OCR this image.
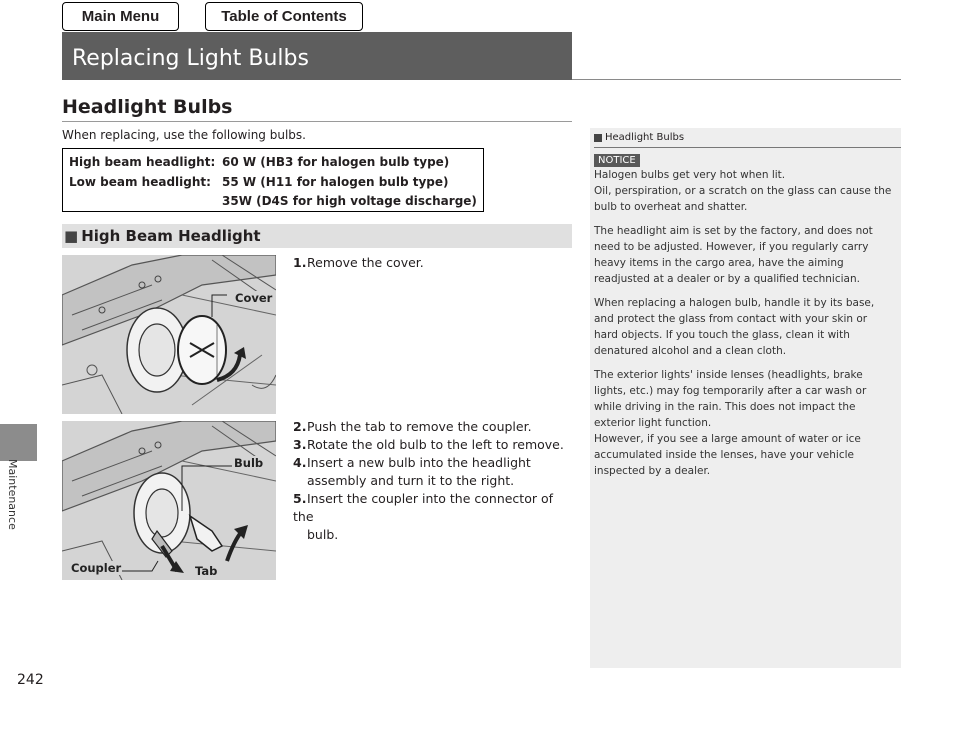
Main Menu	Table of Contents
Replacing Light Bulbs
Maintenance
242
Headlight Bulbs
When replacing, use the following bulbs.
High beam headlight: 60 W (HB3 for halogen bulb type)
Low beam headlight: 55 W (H11 for halogen bulb type)
35W (D4S for high voltage discharge)
■ High Beam Headlight
Cover
Bulb
Coupler	Tab
1.Remove the cover.
2.Push the tab to remove the coupler.
3.Rotate the old bulb to the left to remove.
4.Insert a new bulb into the headlight
assembly and turn it to the right.
5.Insert the coupler into the connector of the
bulb.
Headlight Bulbs
NOTICE
Halogen bulbs get very hot when lit.
Oil, perspiration, or a scratch on the glass can cause the bulb to overheat and shatter.
The headlight aim is set by the factory, and does not need to be adjusted. However, if you regularly carry heavy items in the cargo area, have the aiming readjusted at a dealer or by a qualified technician.
When replacing a halogen bulb, handle it by its base, and protect the glass from contact with your skin or hard objects. If you touch the glass, clean it with denatured alcohol and a clean cloth.
The exterior lights' inside lenses (headlights, brake lights, etc.) may fog temporarily after a car wash or while driving in the rain. This does not impact the exterior light function.
However, if you see a large amount of water or ice accumulated inside the lenses, have your vehicle inspected by a dealer.
